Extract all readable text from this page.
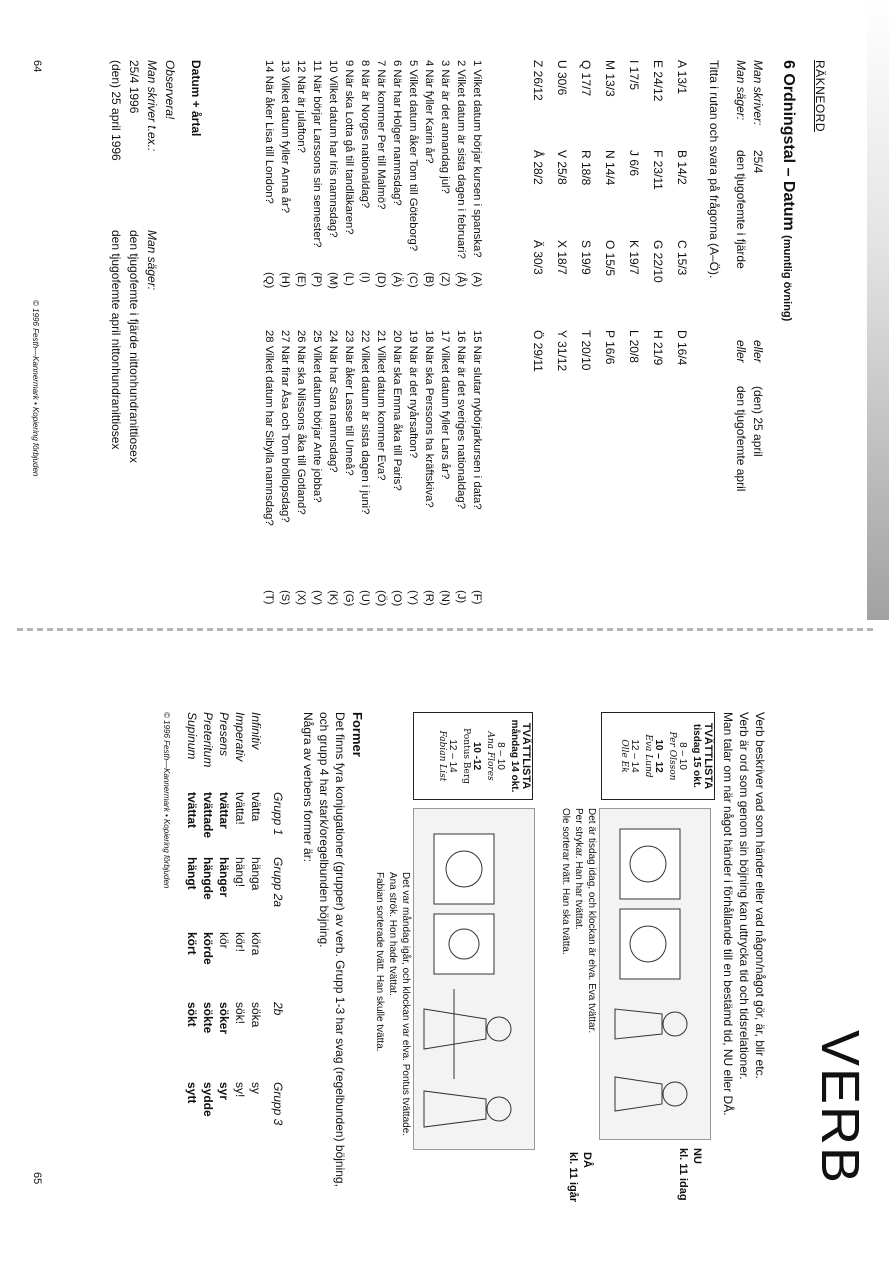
RÄKNEORD
6 Ordningstal – Datum (muntlig övning)
Man skriver:
25/4
eller
(den) 25 april
Man säger:
den tjugofemte i fjärde
eller
den tjugofemte april
Titta i rutan och svara på frågorna (A–Ö).
A 13/1
B 14/2
C 15/3
D 16/4
E 24/12
F 23/11
G 22/10
H 21/9
I 17/5
J 6/6
K 19/7
L 20/8
M 13/3
N 14/4
O 15/5
P 16/6
Q 17/7
R 18/8
S 19/9
T 20/10
U 30/6
V 25/8
X 18/7
Y 31/12
Z 26/12
Å 28/2
Ä 30/3
Ö 29/11
1 Vilket datum börjar kursen i spanska?
(A)
2 Vilket datum är sista dagen i februari?
(Å)
3 När är det annandag jul?
(Z)
4 När fyller Karin år?
(B)
5 Vilket datum åker Tom till Göteborg?
(C)
6 När har Holger namnsdag?
(Ä)
7 När kommer Per till Malmö?
(D)
8 När är Norges nationaldag?
(I)
9 När ska Lotta gå till tandläkaren?
(L)
10 Vilket datum har Iris namnsdag?
(M)
11 När börjar Larssons sin semester?
(P)
12 När är julafton?
(E)
13 Vilket datum fyller Anna år?
(H)
14 När åker Lisa till London?
(Q)
15 När slutar nybörjarkursen i data?
(F)
16 När är det sveriges nationaldag?
(J)
17 Vilket datum fyller Lars år?
(N)
18 När ska Perssons ha kräftskiva?
(R)
19 När är det nyårsafton?
(Y)
20 När ska Emma åka till Paris?
(O)
21 Vilket datum kommer Eva?
(Ö)
22 Vilket datum är sista dagen i juni?
(U)
23 När åker Lasse till Umeå?
(G)
24 När har Sara namnsdag?
(K)
25 Vilket datum börjar Ante jobba?
(V)
26 När ska Nilssons åka till Gotland?
(X)
27 När firar Åsa och Tom bröllopsdag?
(S)
28 Vilket datum har Sibylla namnsdag?
(T)
Datum + årtal
Observera!
Man skriver t.ex.:
Man säger:
25/4 1996
den tjugofemte i fjärde nittonhundranittiosex
(den) 25 april 1996
den tjugofemte april nittonhundranittiosex
© 1996 Festh—Kannermark • Kopiering förbjuden
64
VERB
Verb beskriver vad som händer eller vad någon/något gör, är, blir etc.
Verb är ord som genom sin böjning kan uttrycka tid och tidsrelationer.
Man talar om när något händer i förhållande till en bestämd tid, NU eller DÅ.
TVÄTTLISTA
tisdag 15 okt.
8 – 10
Per Olsson
10 – 12
Eva Lund
12 – 14
Olle Ek
NU
kl. 11 idag
Det är tisdag idag, och klockan är elva. Eva tvättar.
Per strykar. Han har tvättat.
Ole sorterar tvätt. Han ska tvätta.
TVÄTTLISTA
måndag 14 okt.
8 – 10
Ana Flores
10 -12
Pontus Berg
12 – 14
Fabian List
DÅ
kl. 11 igår
Det var måndag igår, och klockan var elva. Pontus tvättade.
Ana strök. Hon hade tvättat.
Fabian sorterade tvätt. Han skulle tvätta.
Former
Det finns fyra konjugationer (grupper) av verb. Grupp 1-3 har svag (regelbunden) böjning,
och grupp 4 har stark/oregelbunden böjning.
Några av verbens former är:
Grupp 1
Grupp 2a
2b
Grupp 3
Infinitiv
tvätta
hänga
köra
söka
sy
Imperativ
tvätta!
häng!
kör!
sök!
sy!
Presens
tvättar
hänger
kör
söker
syr
Preteritum
tvättade
hängde
körde
sökte
sydde
Supinum
tvättat
hängt
kört
sökt
sytt
© 1996 Festh—Kannermark • Kopiering förbjuden
65
